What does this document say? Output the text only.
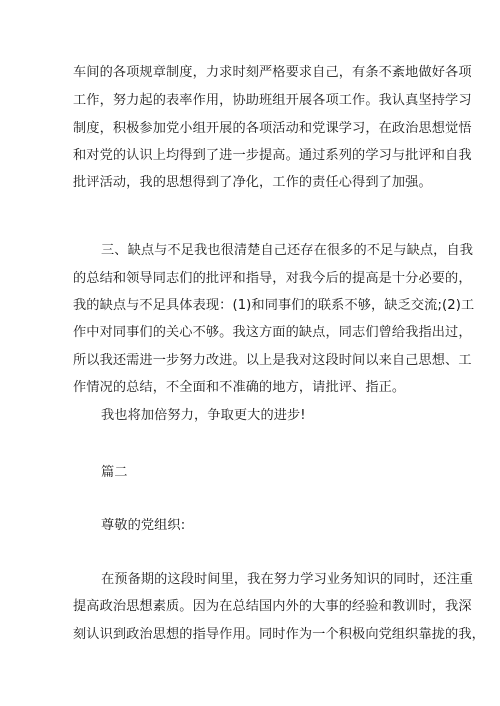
车间的各项规章制度，力求时刻严格要求自己，有条不紊地做好各项
工作，努力起的表率作用，协助班组开展各项工作。我认真坚持学习
制度，积极参加党小组开展的各项活动和党课学习，在政治思想觉悟
和对党的认识上均得到了进一步提高。通过系列的学习与批评和自我
批评活动，我的思想得到了净化，工作的责任心得到了加强。
三、缺点与不足我也很清楚自己还存在很多的不足与缺点，自我
的总结和领导同志们的批评和指导，对我今后的提高是十分必要的，
我的缺点与不足具体表现：(1)和同事们的联系不够，缺乏交流;(2)工
作中对同事们的关心不够。我这方面的缺点，同志们曾给我指出过，
所以我还需进一步努力改进。以上是我对这段时间以来自己思想、工
作情况的总结，不全面和不准确的地方，请批评、指正。
我也将加倍努力，争取更大的进步!
篇二
尊敬的党组织:
在预备期的这段时间里，我在努力学习业务知识的同时，还注重
提高政治思想素质。因为在总结国内外的大事的经验和教训时，我深
刻认识到政治思想的指导作用。同时作为一个积极向党组织靠拢的我，
